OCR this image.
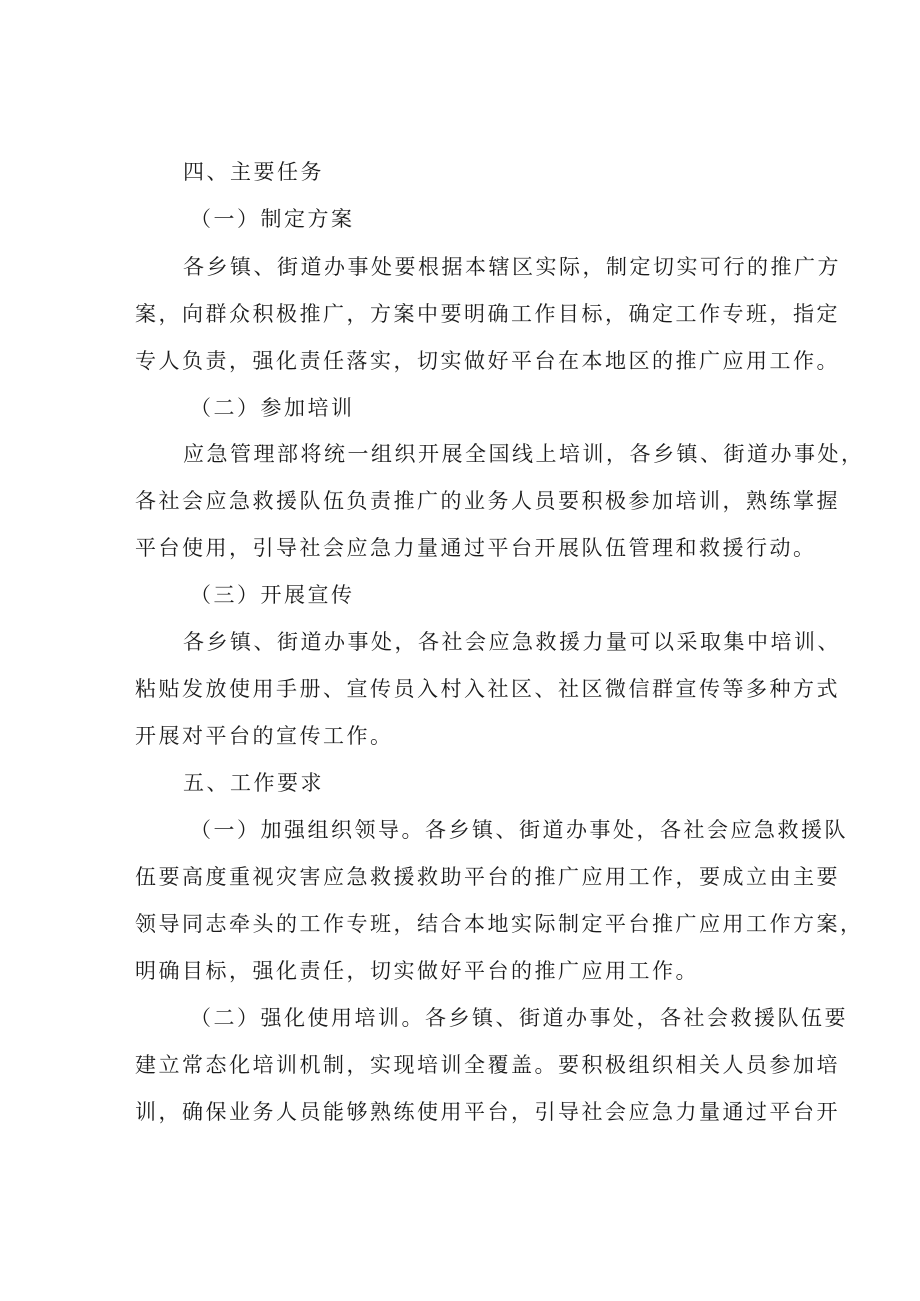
四、主要任务

（一）制定方案

各乡镇、街道办事处要根据本辖区实际，制定切实可行的推广方

案，向群众积极推广，方案中要明确工作目标，确定工作专班，指定

专人负责，强化责任落实，切实做好平台在本地区的推广应用工作。

（二）参加培训

应急管理部将统一组织开展全国线上培训，各乡镇、街道办事处，

各社会应急救援队伍负责推广的业务人员要积极参加培训，熟练掌握

平台使用，引导社会应急力量通过平台开展队伍管理和救援行动。

（三）开展宣传

各乡镇、街道办事处，各社会应急救援力量可以采取集中培训、

粘贴发放使用手册、宣传员入村入社区、社区微信群宣传等多种方式

开展对平台的宣传工作。

五、工作要求

（一）加强组织领导。各乡镇、街道办事处，各社会应急救援队

伍要高度重视灾害应急救援救助平台的推广应用工作，要成立由主要

领导同志牵头的工作专班，结合本地实际制定平台推广应用工作方案，

明确目标，强化责任，切实做好平台的推广应用工作。

（二）强化使用培训。各乡镇、街道办事处，各社会救援队伍要

建立常态化培训机制，实现培训全覆盖。要积极组织相关人员参加培

训，确保业务人员能够熟练使用平台，引导社会应急力量通过平台开
